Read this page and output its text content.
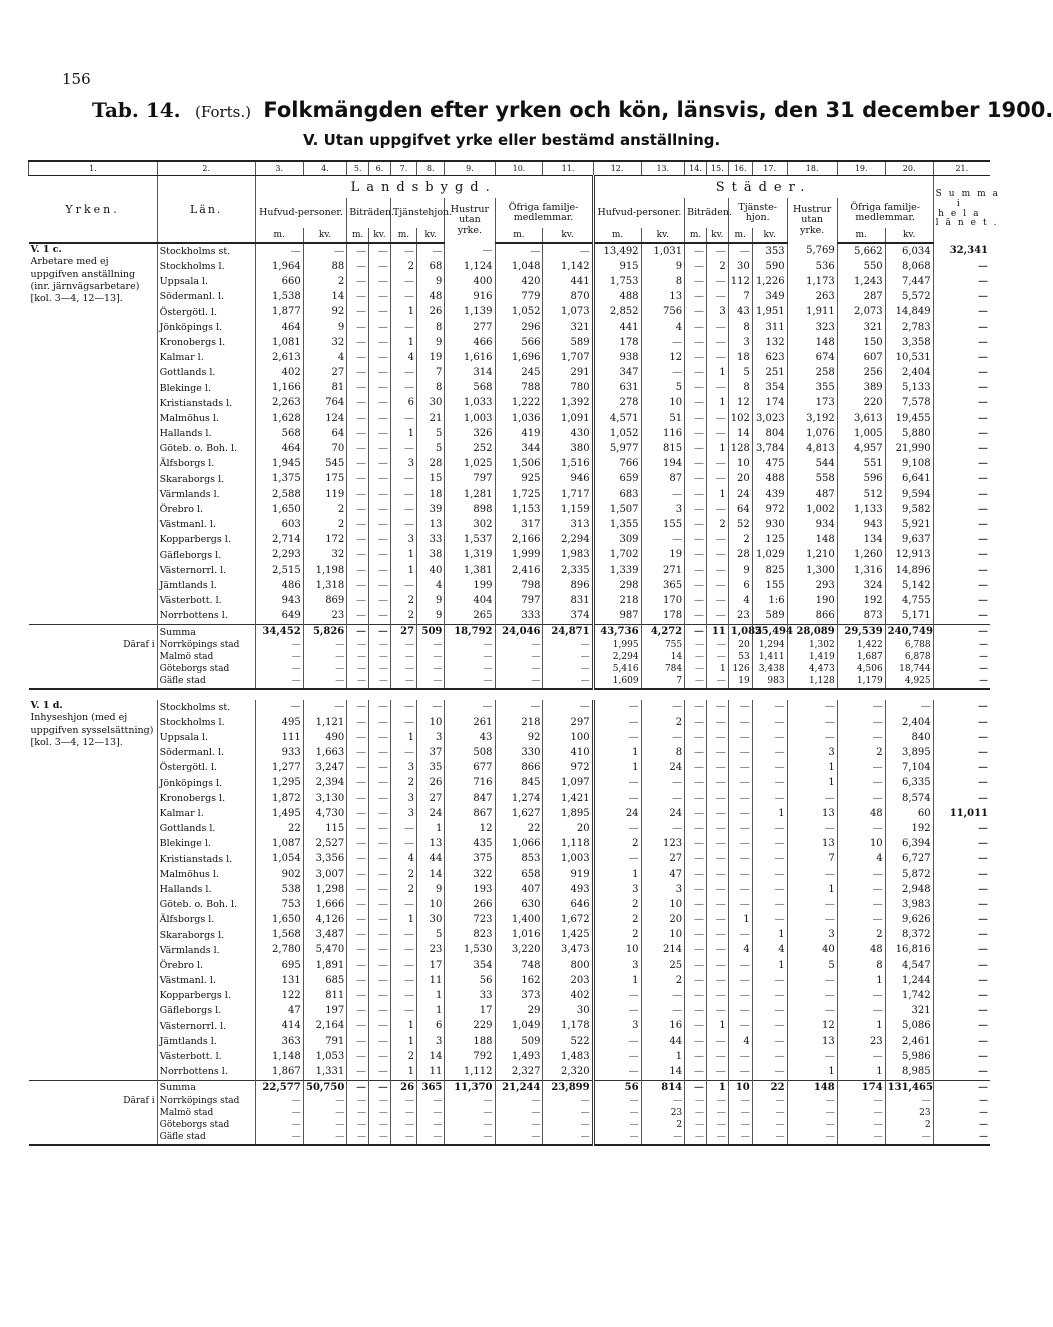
156
Tab. 14. (Forts.) Folkmängden efter yrken och kön, länsvis, den 31 december 1900.
V. Utan uppgifvet yrke eller bestämd anställning.
1.	2.	3.	4.	5.	6.	7.	8.	9.	10.	11.	12.	13.	14.	15.	16.	17.	18.	19.	20.	21.
Yrken.	Län.	Landsbygd.									Städer.									Summa i hela länet.
		Hufvud-personer.		Biträden.		Tjänstehjon.		Hustrur utan yrke.	Öfriga familje-medlemmar.		Hufvud-personer.		Biträden.		Tjänste-hjon.		Hustrur utan yrke.	Öfriga familje-medlemmar.		
		m.	kv.	m.	kv.	m.	kv.		m.	kv.	m.	kv.	m.	kv.	m.	kv.		m.	kv.	

V. 1 c.
Arbetare med ej uppgifven anställning (inr. järnvägsarbetare) [kol. 3—4, 12—13].	Stockholms st.	—	—	—	—	—	—	—	—	—	13,492	1,031	—	—	—	353	5,769	5,662	6,034	32,341
	Stockholms l.	1,964	88	—	—	2	68	1,124	1,048	1,142	915	9	—	2	30	590	536	550	8,068	—
	Uppsala l.	660	2	—	—	—	9	400	420	441	1,753	8	—	—	112	1,226	1,173	1,243	7,447	—
	Södermanl. l.	1,538	14	—	—	—	48	916	779	870	488	13	—	—	7	349	263	287	5,572	—
	Östergötl. l.	1,877	92	—	—	1	26	1,139	1,052	1,073	2,852	756	—	3	43	1,951	1,911	2,073	14,849	—
	Jönköpings l.	464	9	—	—	—	8	277	296	321	441	4	—	—	8	311	323	321	2,783	—
	Kronobergs l.	1,081	32	—	—	1	9	466	566	589	178	—	—	—	3	132	148	150	3,358	—
	Kalmar l.	2,613	4	—	—	4	19	1,616	1,696	1,707	938	12	—	—	18	623	674	607	10,531	—
	Gottlands l.	402	27	—	—	—	7	314	245	291	347	—	—	1	5	251	258	256	2,404	—
	Blekinge l.	1,166	81	—	—	—	8	568	788	780	631	5	—	—	8	354	355	389	5,133	—
	Kristianstads l.	2,263	764	—	—	6	30	1,033	1,222	1,392	278	10	—	1	12	174	173	220	7,578	—
	Malmöhus l.	1,628	124	—	—	—	21	1,003	1,036	1,091	4,571	51	—	—	102	3,023	3,192	3,613	19,455	—
	Hallands l.	568	64	—	—	1	5	326	419	430	1,052	116	—	—	14	804	1,076	1,005	5,880	—
	Göteb. o. Boh. l.	464	70	—	—	—	5	252	344	380	5,977	815	—	1	128	3,784	4,813	4,957	21,990	—
	Älfsborgs l.	1,945	545	—	—	3	28	1,025	1,506	1,516	766	194	—	—	10	475	544	551	9,108	—
	Skaraborgs l.	1,375	175	—	—	—	15	797	925	946	659	87	—	—	20	488	558	596	6,641	—
	Värmlands l.	2,588	119	—	—	—	18	1,281	1,725	1,717	683	—	—	1	24	439	487	512	9,594	—
	Örebro l.	1,650	2	—	—	—	39	898	1,153	1,159	1,507	3	—	—	64	972	1,002	1,133	9,582	—
	Västmanl. l.	603	2	—	—	—	13	302	317	313	1,355	155	—	2	52	930	934	943	5,921	—
	Kopparbergs l.	2,714	172	—	—	3	33	1,537	2,166	2,294	309	—	—	—	2	125	148	134	9,637	—
	Gäfleborgs l.	2,293	32	—	—	1	38	1,319	1,999	1,983	1,702	19	—	—	28	1,029	1,210	1,260	12,913	—
	Västernorrl. l.	2,515	1,198	—	—	1	40	1,381	2,416	2,335	1,339	271	—	—	9	825	1,300	1,316	14,896	—
	Jämtlands l.	486	1,318	—	—	—	4	199	798	896	298	365	—	—	6	155	293	324	5,142	—
	Västerbott. l.	943	869	—	—	2	9	404	797	831	218	170	—	—	4	1:6	190	192	4,755	—
	Norrbottens l.	649	23	—	—	2	9	265	333	374	987	178	—	—	23	589	866	873	5,171	—
	Summa	34,452	5,826	—	—	27	509	18,792	24,046	24,871	43,736	4,272	—	11	1,085	25,494	28,089	29,539	240,749	—
Däraf i	Norrköpings stad	—	—	—	—	—	—	—	—	—	1,995	755	—	—	20	1,294	1,302	1,422	6,788	—
	Malmö stad	—	—	—	—	—	—	—	—	—	2,294	14	—	—	53	1,411	1,419	1,687	6,878	—
	Göteborgs stad	—	—	—	—	—	—	—	—	—	5,416	784	—	1	126	3,438	4,473	4,506	18,744	—
	Gäfle stad	—	—	—	—	—	—	—	—	—	1,609	7	—	—	19	983	1,128	1,179	4,925	—

V. 1 d.
Inhyseshjon (med ej uppgifven sysselsättning) [kol. 3—4, 12—13].	Stockholms st.	—	—	—	—	—	—	—	—	—	—	—	—	—	—	—	—	—	—	—
	Stockholms l.	495	1,121	—	—	—	10	261	218	297	—	2	—	—	—	—	—	—	2,404	—
	Uppsala l.	111	490	—	—	1	3	43	92	100	—	—	—	—	—	—	—	—	840	—
	Södermanl. l.	933	1,663	—	—	—	37	508	330	410	1	8	—	—	—	—	3	2	3,895	—
	Östergötl. l.	1,277	3,247	—	—	3	35	677	866	972	1	24	—	—	—	—	1	—	7,104	—
	Jönköpings l.	1,295	2,394	—	—	2	26	716	845	1,097	—	—	—	—	—	—	1	—	6,335	—
	Kronobergs l.	1,872	3,130	—	—	3	27	847	1,274	1,421	—	—	—	—	—	—	—	—	8,574	—
	Kalmar l.	1,495	4,730	—	—	3	24	867	1,627	1,895	24	24	—	—	—	1	13	48	60	11,011
	Gottlands l.	22	115	—	—	—	1	12	22	20	—	—	—	—	—	—	—	—	192	—
	Blekinge l.	1,087	2,527	—	—	—	13	435	1,066	1,118	2	123	—	—	—	—	13	10	6,394	—
	Kristianstads l.	1,054	3,356	—	—	4	44	375	853	1,003	—	27	—	—	—	—	7	4	6,727	—
	Malmöhus l.	902	3,007	—	—	2	14	322	658	919	1	47	—	—	—	—	—	—	5,872	—
	Hallands l.	538	1,298	—	—	2	9	193	407	493	3	3	—	—	—	—	1	—	2,948	—
	Göteb. o. Boh. l.	753	1,666	—	—	—	10	266	630	646	2	10	—	—	—	—	—	—	3,983	—
	Älfsborgs l.	1,650	4,126	—	—	1	30	723	1,400	1,672	2	20	—	—	1	—	—	—	9,626	—
	Skaraborgs l.	1,568	3,487	—	—	—	5	823	1,016	1,425	2	10	—	—	—	1	3	2	8,372	—
	Värmlands l.	2,780	5,470	—	—	—	23	1,530	3,220	3,473	10	214	—	—	4	4	40	48	16,816	—
	Örebro l.	695	1,891	—	—	—	17	354	748	800	3	25	—	—	—	1	5	8	4,547	—
	Västmanl. l.	131	685	—	—	—	11	56	162	203	1	2	—	—	—	—	—	1	1,244	—
	Kopparbergs l.	122	811	—	—	—	1	33	373	402	—	—	—	—	—	—	—	—	1,742	—
	Gäfleborgs l.	47	197	—	—	—	1	17	29	30	—	—	—	—	—	—	—	—	321	—
	Västernorrl. l.	414	2,164	—	—	1	6	229	1,049	1,178	3	16	—	1	—	—	12	1	5,086	—
	Jämtlands l.	363	791	—	—	1	3	188	509	522	—	44	—	—	4	—	13	23	2,461	—
	Västerbott. l.	1,148	1,053	—	—	2	14	792	1,493	1,483	—	1	—	—	—	—	—	—	5,986	—
	Norrbottens l.	1,867	1,331	—	—	1	11	1,112	2,327	2,320	—	14	—	—	—	—	1	1	8,985	—
	Summa	22,577	50,750	—	—	26	365	11,370	21,244	23,899	56	814	—	1	10	22	148	174	131,465	—
Däraf i	Norrköpings stad	—	—	—	—	—	—	—	—	—	—	—	—	—	—	—	—	—	—	—
	Malmö stad	—	—	—	—	—	—	—	—	—	—	23	—	—	—	—	—	—	23	—
	Göteborgs stad	—	—	—	—	—	—	—	—	—	—	2	—	—	—	—	—	—	2	—
	Gäfle stad	—	—	—	—	—	—	—	—	—	—	—	—	—	—	—	—	—	—	—
